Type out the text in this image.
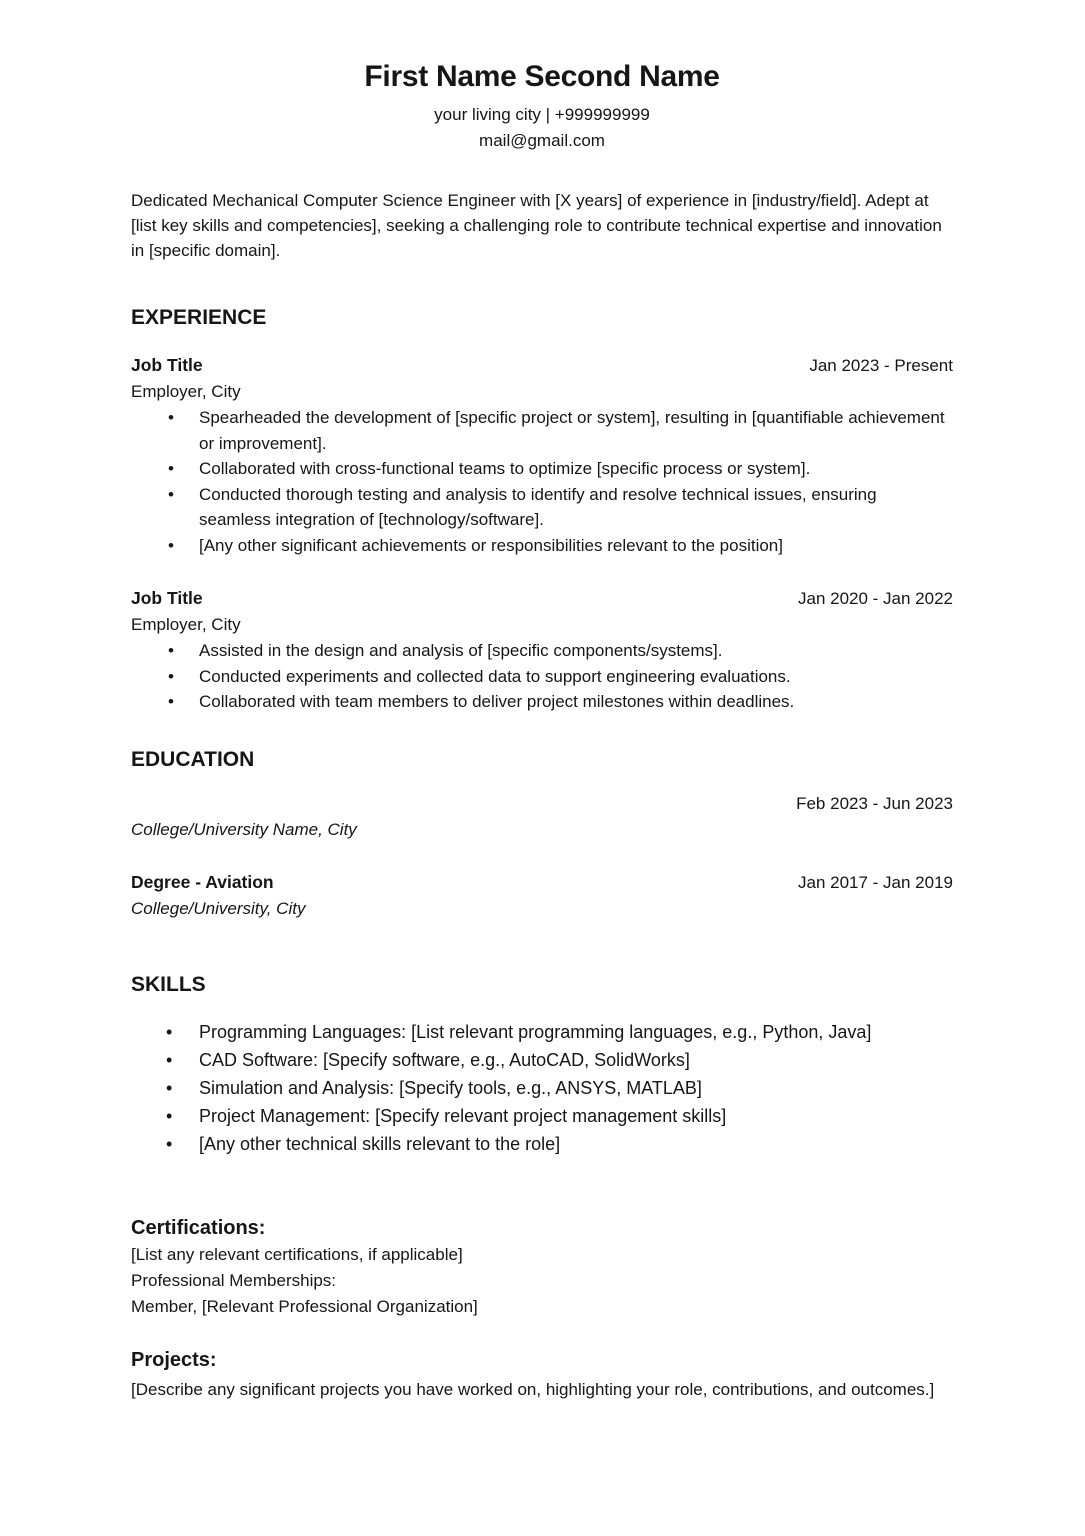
First Name Second Name
your living city | +999999999
mail@gmail.com

Dedicated Mechanical Computer Science Engineer with [X years] of experience in [industry/field]. Adept at [list key skills and competencies], seeking a challenging role to contribute technical expertise and innovation in [specific domain].

EXPERIENCE
Job Title	Jan 2023 - Present
Employer, City
• Spearheaded the development of [specific project or system], resulting in [quantifiable achievement or improvement].
• Collaborated with cross-functional teams to optimize [specific process or system].
• Conducted thorough testing and analysis to identify and resolve technical issues, ensuring seamless integration of [technology/software].
• [Any other significant achievements or responsibilities relevant to the position]
Job Title	Jan 2020 - Jan 2022
Employer, City
• Assisted in the design and analysis of [specific components/systems].
• Conducted experiments and collected data to support engineering evaluations.
• Collaborated with team members to deliver project milestones within deadlines.
EDUCATION
Feb 2023 - Jun 2023
College/University Name, City
Degree - Aviation	Jan 2017 - Jan 2019
College/University, City
SKILLS
• Programming Languages: [List relevant programming languages, e.g., Python, Java]
• CAD Software: [Specify software, e.g., AutoCAD, SolidWorks]
• Simulation and Analysis: [Specify tools, e.g., ANSYS, MATLAB]
• Project Management: [Specify relevant project management skills]
• [Any other technical skills relevant to the role]
Certifications:
[List any relevant certifications, if applicable]
Professional Memberships:
Member, [Relevant Professional Organization]
Projects:

[Describe any significant projects you have worked on, highlighting your role, contributions, and outcomes.]
